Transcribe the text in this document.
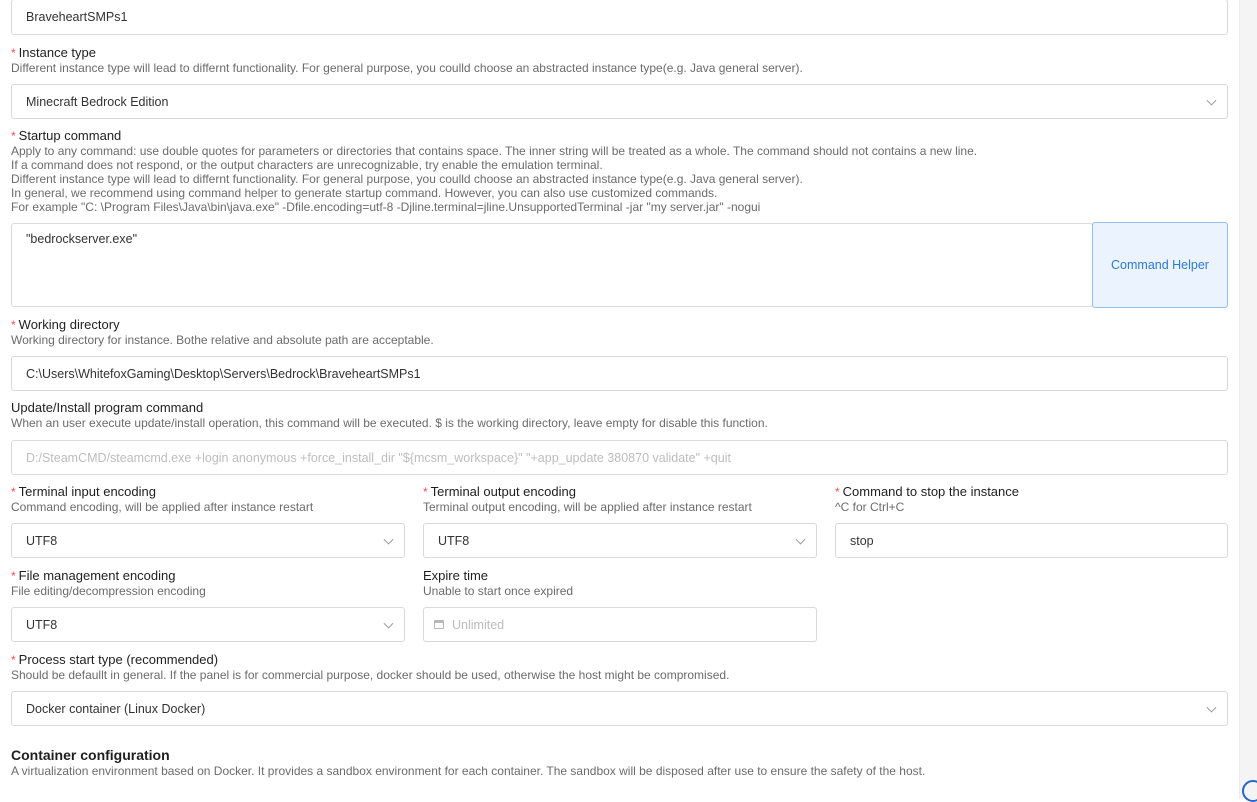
BraveheartSMPs1
* Instance type
Different instance type will lead to differnt functionality. For general purpose, you coulld choose an abstracted instance type(e.g. Java general server).
Minecraft Bedrock Edition
* Startup command
Apply to any command: use double quotes for parameters or directories that contains space. The inner string will be treated as a whole. The command should not contains a new line.
If a command does not respond, or the output characters are unrecognizable, try enable the emulation terminal.
Different instance type will lead to differnt functionality. For general purpose, you coulld choose an abstracted instance type(e.g. Java general server).
In general, we recommend using command helper to generate startup command. However, you can also use customized commands.
For example "C: \Program Files\Java\bin\java.exe" -Dfile.encoding=utf-8 -Djline.terminal=jline.UnsupportedTerminal -jar "my server.jar" -nogui
"bedrockserver.exe"
Command Helper
* Working directory
Working directory for instance. Bothe relative and absolute path are acceptable.
C:\Users\WhitefoxGaming\Desktop\Servers\Bedrock\BraveheartSMPs1
Update/Install program command
When an user execute update/install operation, this command will be executed. $ is the working directory, leave empty for disable this function.
D:/SteamCMD/steamcmd.exe +login anonymous +force_install_dir "${mcsm_workspace}" "+app_update 380870 validate" +quit
* Terminal input encoding
Command encoding, will be applied after instance restart
UTF8
* Terminal output encoding
Terminal output encoding, will be applied after instance restart
UTF8
* Command to stop the instance
^C for Ctrl+C
stop
* File management encoding
File editing/decompression encoding
UTF8
Expire time
Unable to start once expired
Unlimited
* Process start type (recommended)
Should be defaullt in general. If the panel is for commercial purpose, docker should be used, otherwise the host might be compromised.
Docker container (Linux Docker)
Container configuration
A virtualization environment based on Docker. It provides a sandbox environment for each container. The sandbox will be disposed after use to ensure the safety of the host.
